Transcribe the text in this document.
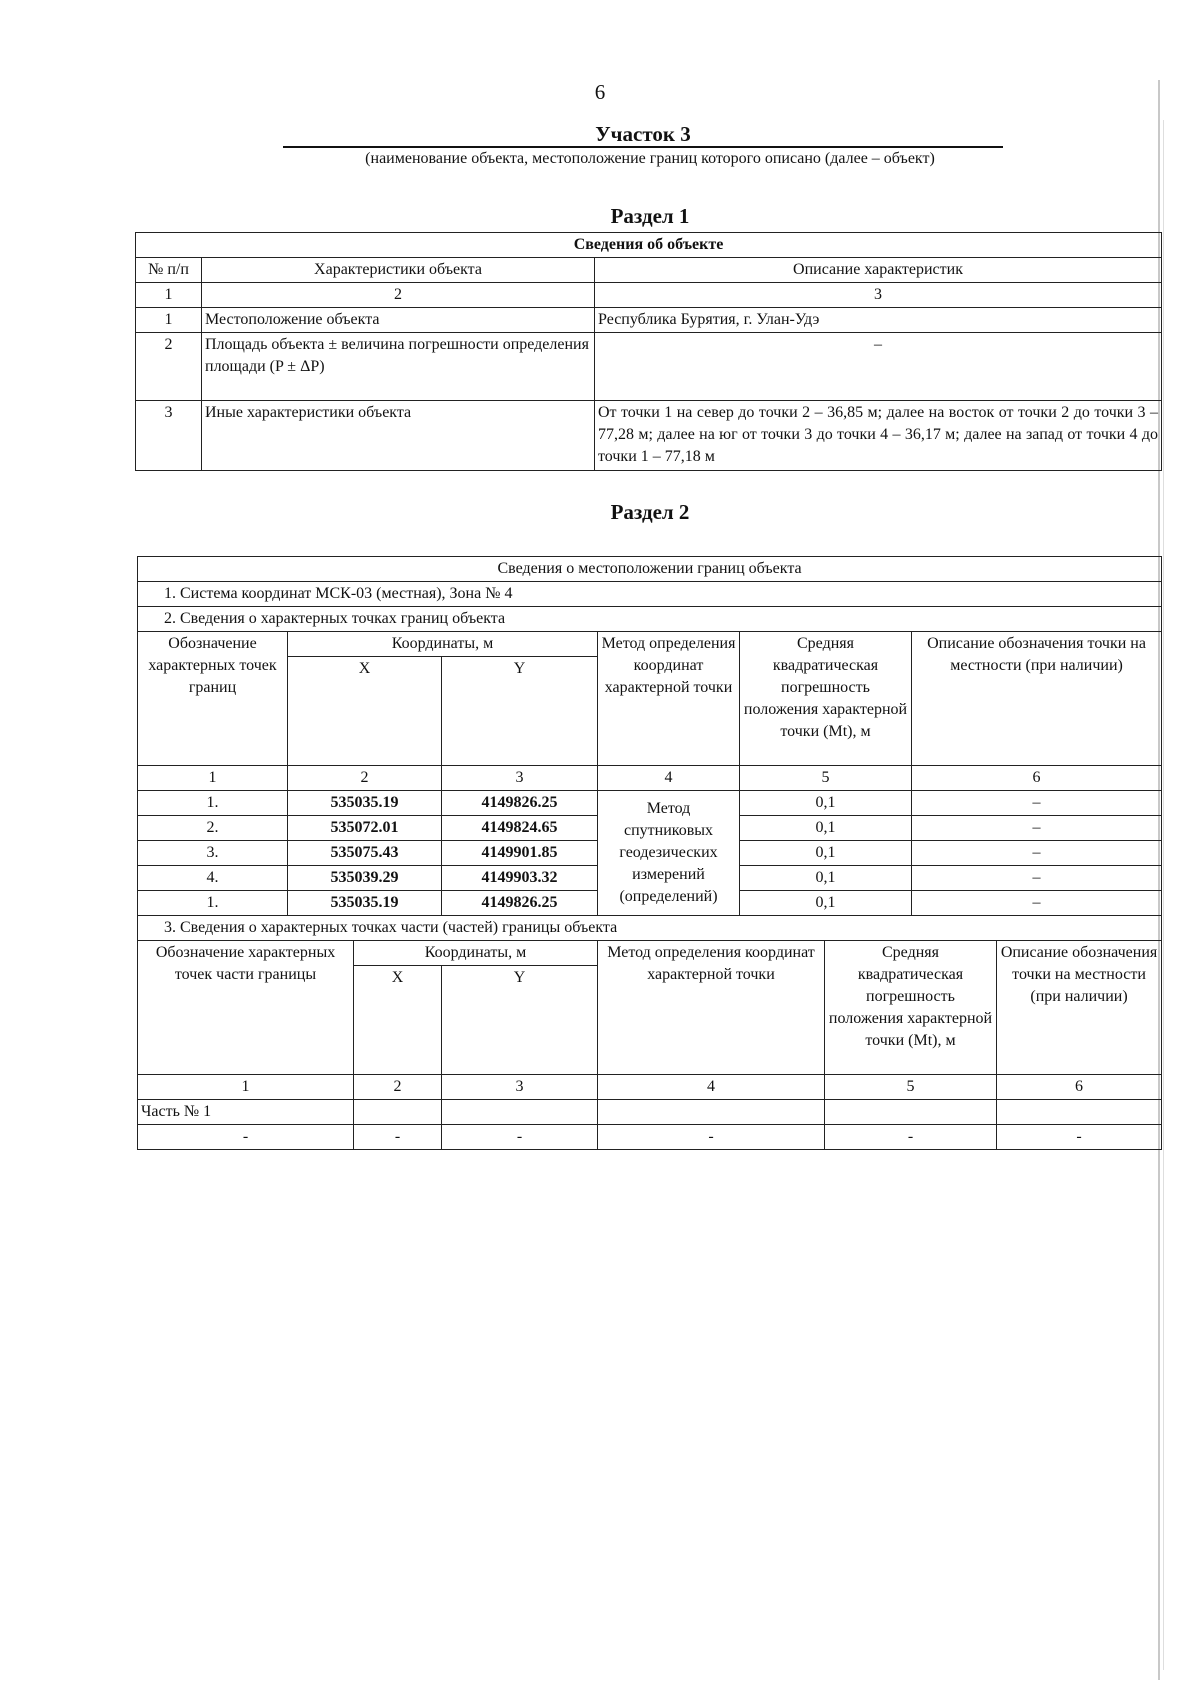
6
Участок 3
(наименование объекта, местоположение границ которого описано (далее – объект)
Раздел 1
Сведения об объекте		
№ п/п	Характеристики объекта	Описание характеристик
1	2	3
1	Местоположение объекта	Республика Бурятия, г. Улан-Удэ
2	Площадь объекта ± величина погрешности определения площади (P ± ΔP)	–
3	Иные характеристики объекта	От точки 1 на север до точки 2 – 36,85 м; далее на восток от точки 2 до точки 3 – 77,28 м; далее на юг от точки 3 до точки 4 – 36,17 м; далее на запад от точки 4 до точки 1 – 77,18 м
Раздел 2
Сведения о местоположении границ объекта								
1. Система координат МСК-03 (местная), Зона № 4								
2. Сведения о характерных точках границ объекта								
Обозначение характерных точек границ	Координаты, м			Метод определения координат характерной точки	Средняя квадратическая погрешность положения характерной точки (Mt), м		Описание обозначения точки на местности (при наличии)	
	X		Y					
1	2		3	4	5		6	
1.	535035.19		4149826.25	Метод спутниковых геодезических измерений (определений)	0,1		–	
2.	535072.01		4149824.65		0,1		–	
3.	535075.43		4149901.85		0,1		–	
4.	535039.29		4149903.32		0,1		–	
1.	535035.19		4149826.25		0,1		–	
3. Сведения о характерных точках части (частей) границы объекта								
Обозначение характерных точек части границы		Координаты, м		Метод определения координат характерной точки		Средняя квадратическая погрешность положения характерной точки (Mt), м		Описание обозначения точки на местности (при наличии)
		X	Y					
1		2	3	4		5		6
Часть № 1								
-		-	-	-		-		-
